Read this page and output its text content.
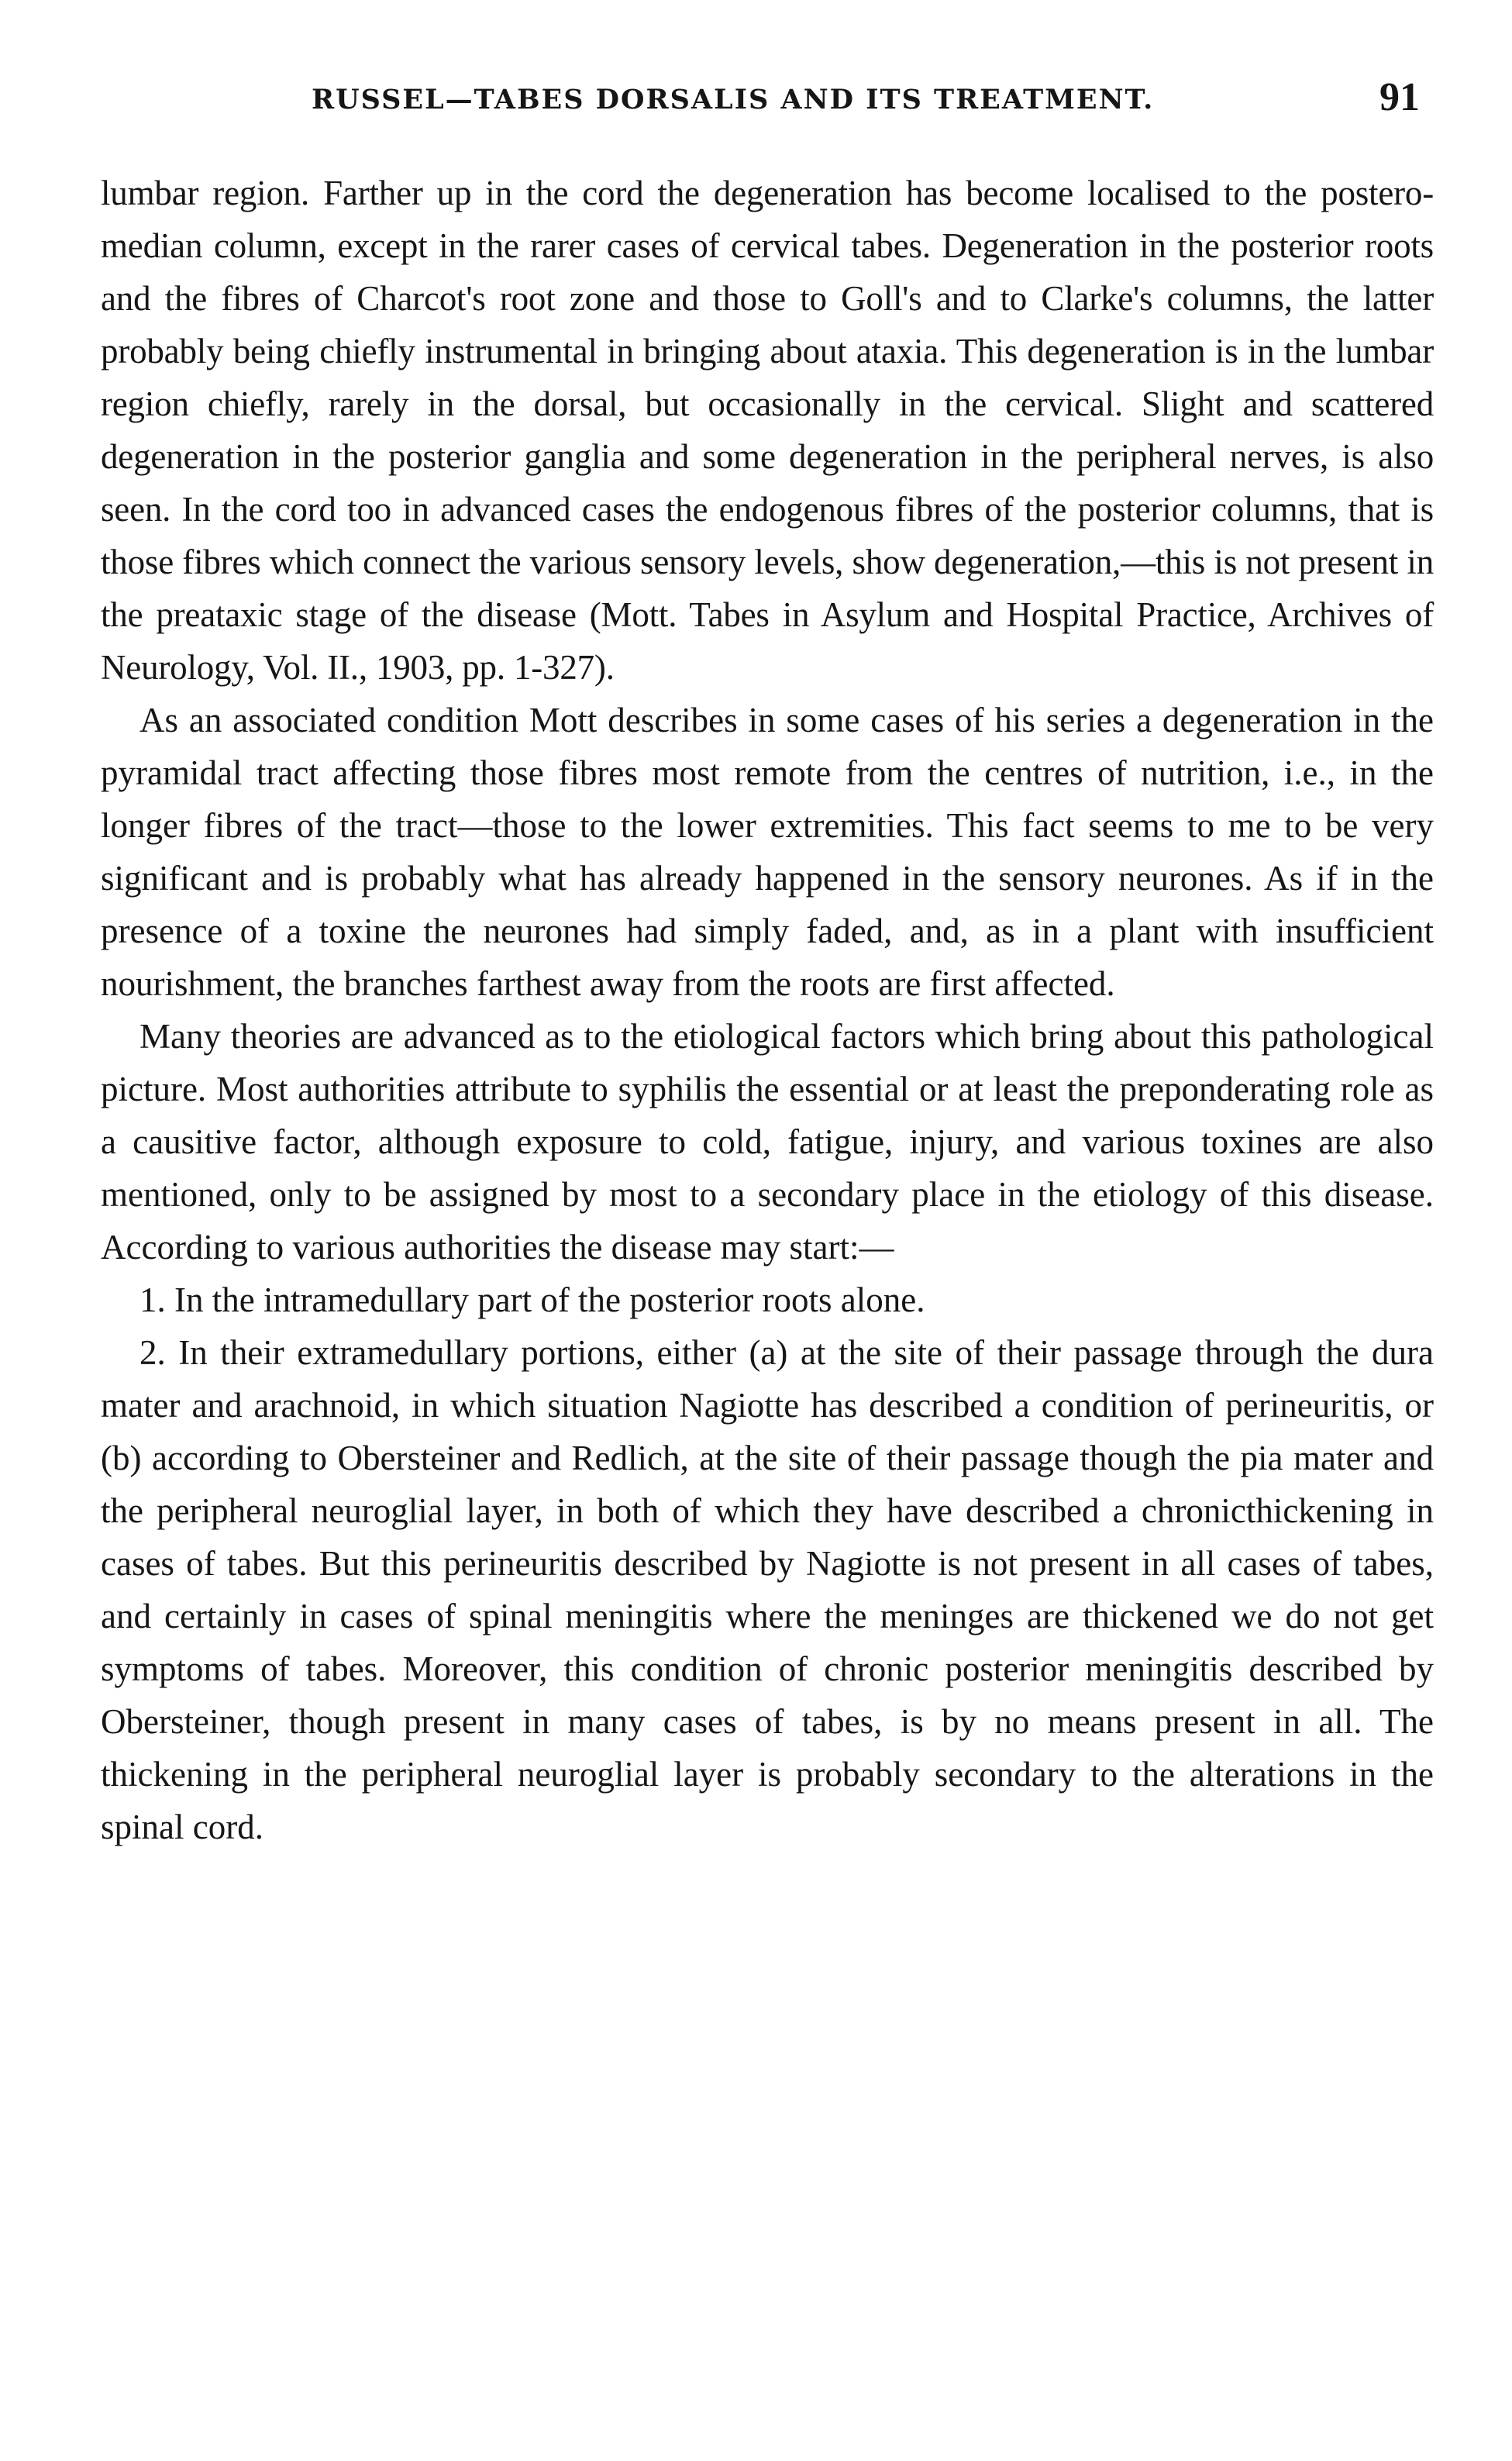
RUSSEL—TABES DORSALIS AND ITS TREATMENT.	91

lumbar region. Farther up in the cord the degeneration has become localised to the postero-median column, except in the rarer cases of cervical tabes. Degeneration in the posterior roots and the fibres of Charcot's root zone and those to Goll's and to Clarke's columns, the latter probably being chiefly instrumental in bringing about ataxia. This degeneration is in the lumbar region chiefly, rarely in the dorsal, but occasionally in the cervical. Slight and scattered degeneration in the posterior ganglia and some degeneration in the peripheral nerves, is also seen. In the cord too in advanced cases the endogenous fibres of the posterior columns, that is those fibres which connect the various sensory levels, show degeneration,—this is not present in the preataxic stage of the disease (Mott. Tabes in Asylum and Hospital Practice, Archives of Neurology, Vol. II., 1903, pp. 1-327).

As an associated condition Mott describes in some cases of his series a degeneration in the pyramidal tract affecting those fibres most remote from the centres of nutrition, i.e., in the longer fibres of the tract—those to the lower extremities. This fact seems to me to be very significant and is probably what has already happened in the sensory neurones. As if in the presence of a toxine the neurones had simply faded, and, as in a plant with insufficient nourishment, the branches farthest away from the roots are first affected.

Many theories are advanced as to the etiological factors which bring about this pathological picture. Most authorities attribute to syphilis the essential or at least the preponderating role as a causitive factor, although exposure to cold, fatigue, injury, and various toxines are also mentioned, only to be assigned by most to a secondary place in the etiology of this disease. According to various authorities the disease may start:—

1. In the intramedullary part of the posterior roots alone.

2. In their extramedullary portions, either (a) at the site of their passage through the dura mater and arachnoid, in which situation Nagiotte has described a condition of perineuritis, or (b) according to Obersteiner and Redlich, at the site of their passage though the pia mater and the peripheral neuroglial layer, in both of which they have described a chronicthickening in cases of tabes. But this perineuritis described by Nagiotte is not present in all cases of tabes, and certainly in cases of spinal meningitis where the meninges are thickened we do not get symptoms of tabes. Moreover, this condition of chronic posterior meningitis described by Obersteiner, though present in many cases of tabes, is by no means present in all. The thickening in the peripheral neuroglial layer is probably secondary to the alterations in the spinal cord.
